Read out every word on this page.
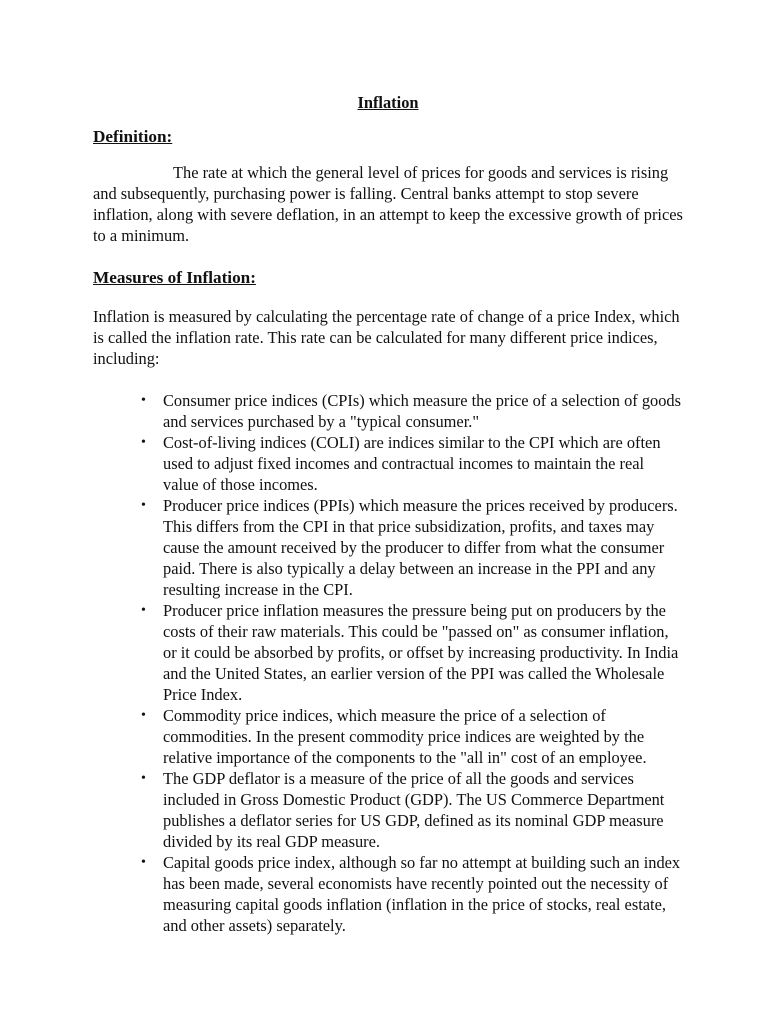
Inflation

Definition:

The rate at which the general level of prices for goods and services is rising and subsequently, purchasing power is falling. Central banks attempt to stop severe inflation, along with severe deflation, in an attempt to keep the excessive growth of prices to a minimum.

Measures of Inflation:

Inflation is measured by calculating the percentage rate of change of a price Index, which is called the inflation rate. This rate can be calculated for many different price indices, including:

• Consumer price indices (CPIs) which measure the price of a selection of goods and services purchased by a "typical consumer."
• Cost-of-living indices (COLI) are indices similar to the CPI which are often used to adjust fixed incomes and contractual incomes to maintain the real value of those incomes.
• Producer price indices (PPIs) which measure the prices received by producers. This differs from the CPI in that price subsidization, profits, and taxes may cause the amount received by the producer to differ from what the consumer paid. There is also typically a delay between an increase in the PPI and any resulting increase in the CPI.
• Producer price inflation measures the pressure being put on producers by the costs of their raw materials. This could be "passed on" as consumer inflation, or it could be absorbed by profits, or offset by increasing productivity. In India and the United States, an earlier version of the PPI was called the Wholesale Price Index.
• Commodity price indices, which measure the price of a selection of commodities. In the present commodity price indices are weighted by the relative importance of the components to the "all in" cost of an employee.
• The GDP deflator is a measure of the price of all the goods and services included in Gross Domestic Product (GDP). The US Commerce Department publishes a deflator series for US GDP, defined as its nominal GDP measure divided by its real GDP measure.
• Capital goods price index, although so far no attempt at building such an index has been made, several economists have recently pointed out the necessity of measuring capital goods inflation (inflation in the price of stocks, real estate, and other assets) separately.
